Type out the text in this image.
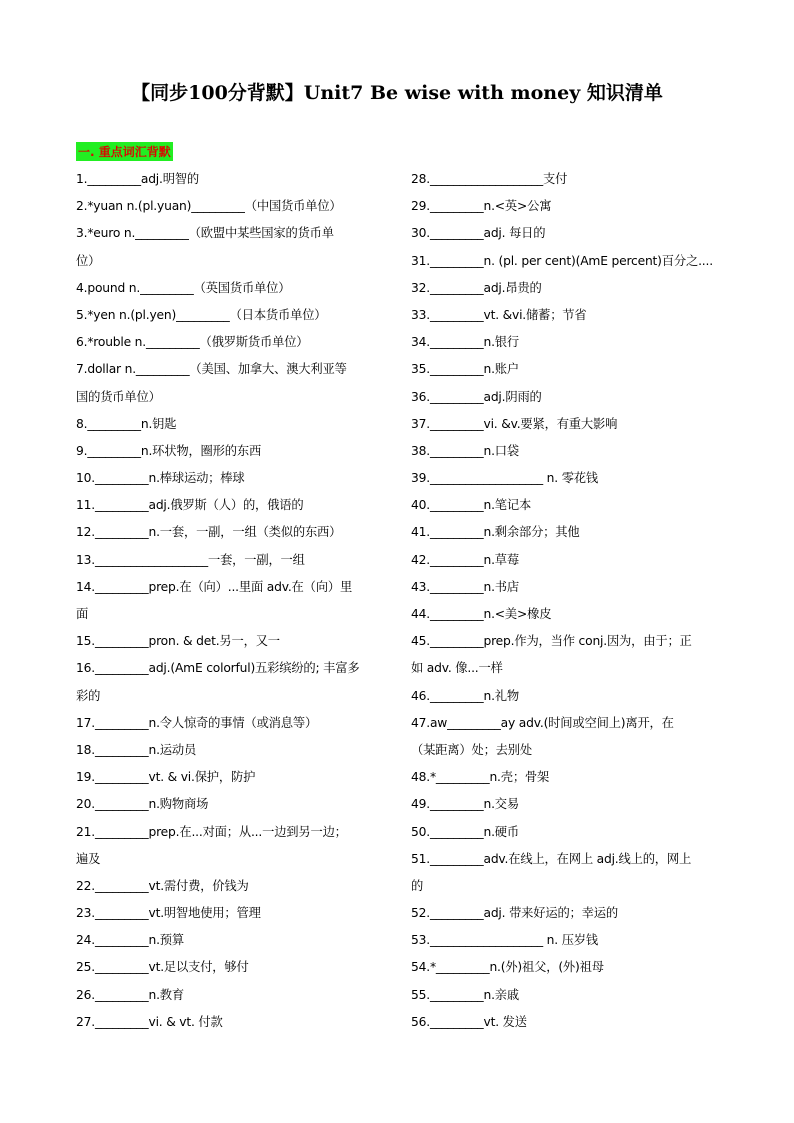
【同步100分背默】Unit7 Be wise with money 知识清单
一. 重点词汇背默
1._________adj.明智的
2.*yuan n.(pl.yuan)_________（中国货币单位）
3.*euro n._________（欧盟中某些国家的货币单
位）
4.pound n._________（英国货币单位）
5.*yen n.(pl.yen)_________（日本货币单位）
6.*rouble n._________（俄罗斯货币单位）
7.dollar n._________（美国、加拿大、澳大利亚等
国的货币单位）
8._________n.钥匙
9._________n.环状物，圈形的东西
10._________n.棒球运动；棒球
11._________adj.俄罗斯（人）的，俄语的
12._________n.一套，一副，一组（类似的东西）
13.___________________一套，一副，一组
14._________prep.在（向）...里面 adv.在（向）里
面
15._________pron. & det.另一，又一
16._________adj.(AmE colorful)五彩缤纷的; 丰富多
彩的
17._________n.令人惊奇的事情（或消息等）
18._________n.运动员
19._________vt. & vi.保护，防护
20._________n.购物商场
21._________prep.在...对面；从...一边到另一边；
遍及
22._________vt.需付费，价钱为
23._________vt.明智地使用；管理
24._________n.预算
25._________vt.足以支付，够付
26._________n.教育
27._________vi. & vt. 付款
28.___________________支付
29._________n.<英>公寓
30._________adj. 每日的
31._________n. (pl. per cent)(AmE percent)百分之....
32._________adj.昂贵的
33._________vt. &vi.储蓄；节省
34._________n.银行
35._________n.账户
36._________adj.阴雨的
37._________vi. &v.要紧，有重大影响
38._________n.口袋
39.___________________ n. 零花钱
40._________n.笔记本
41._________n.剩余部分；其他
42._________n.草莓
43._________n.书店
44._________n.<美>橡皮
45._________prep.作为，当作 conj.因为，由于；正
如 adv. 像...一样
46._________n.礼物
47.aw_________ay adv.(时间或空间上)离开，在
（某距离）处；去别处
48.*_________n.壳；骨架
49._________n.交易
50._________n.硬币
51._________adv.在线上，在网上 adj.线上的，网上
的
52._________adj. 带来好运的；幸运的
53.___________________ n. 压岁钱
54.*_________n.(外)祖父，(外)祖母
55._________n.亲戚
56._________vt. 发送
